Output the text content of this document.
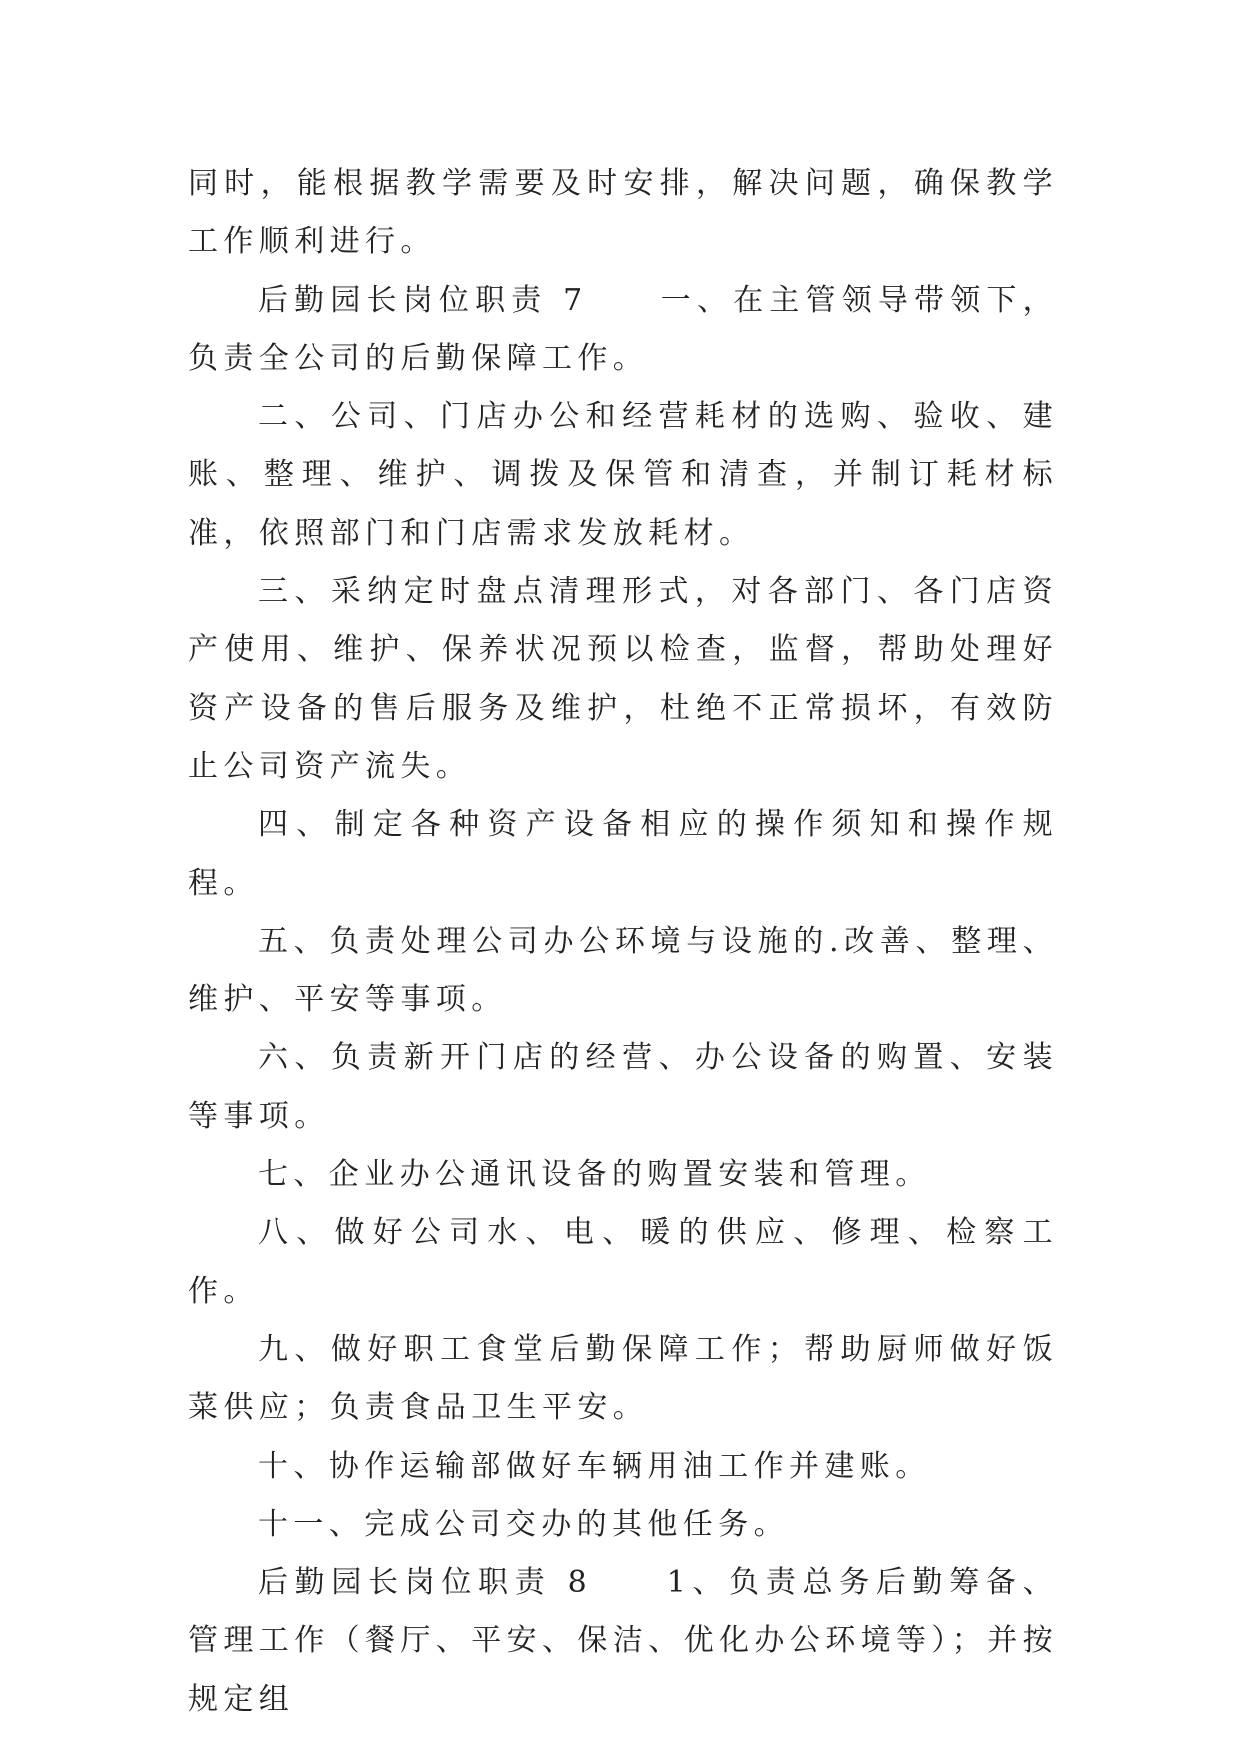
同时，能根据教学需要及时安排，解决问题，确保教学工作顺利进行。

后勤园长岗位职责 7　　一、在主管领导带领下，负责全公司的后勤保障工作。

二、公司、门店办公和经营耗材的选购、验收、建账、整理、维护、调拨及保管和清查，并制订耗材标准，依照部门和门店需求发放耗材。

三、采纳定时盘点清理形式，对各部门、各门店资产使用、维护、保养状况预以检查，监督，帮助处理好资产设备的售后服务及维护，杜绝不正常损坏，有效防止公司资产流失。

四、制定各种资产设备相应的操作须知和操作规程。

五、负责处理公司办公环境与设施的.改善、整理、维护、平安等事项。

六、负责新开门店的经营、办公设备的购置、安装等事项。

七、企业办公通讯设备的购置安装和管理。

八、做好公司水、电、暖的供应、修理、检察工作。

九、做好职工食堂后勤保障工作；帮助厨师做好饭菜供应；负责食品卫生平安。

十、协作运输部做好车辆用油工作并建账。

十一、完成公司交办的其他任务。

后勤园长岗位职责 8　　1、负责总务后勤筹备、管理工作（餐厅、平安、保洁、优化办公环境等）；并按规定组
